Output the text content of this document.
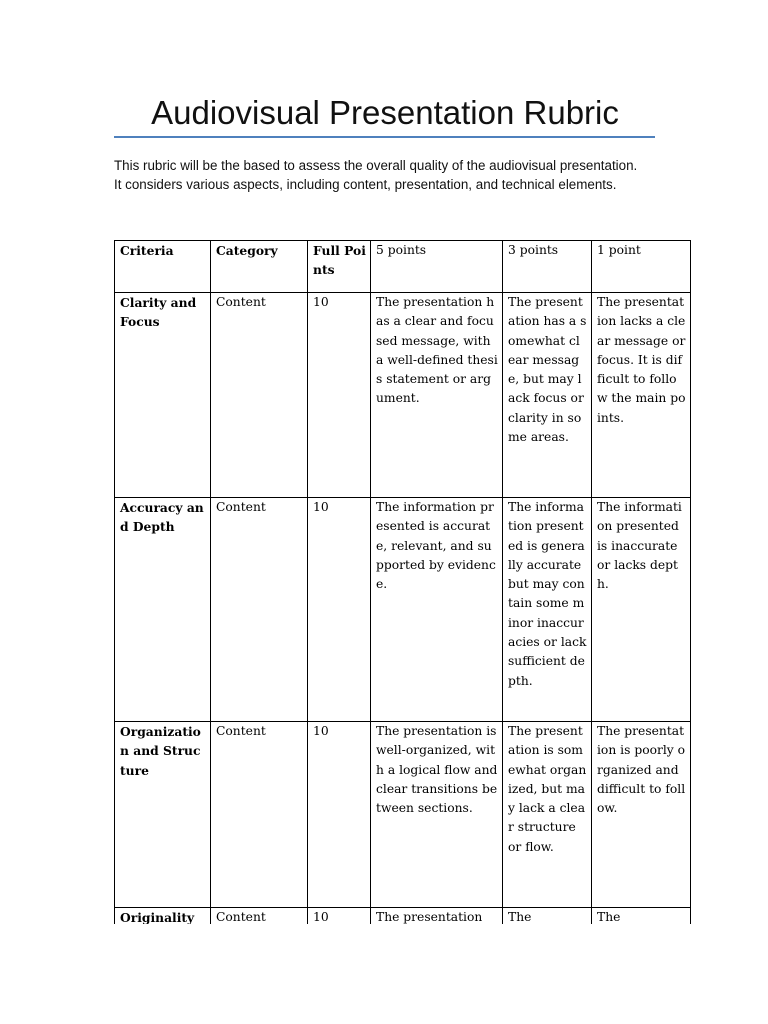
Audiovisual Presentation Rubric

This rubric will be the based to assess the overall quality of the audiovisual presentation.

It considers various aspects, including content, presentation, and technical elements.

Criteria	Category	Full Points	5 points	3 points	1 point
Clarity and Focus	Content	10	The presentation has a clear and focused message, with a well-defined thesis statement or argument.	The presentation has a somewhat clear message, but may lack focus or clarity in some areas.	The presentation lacks a clear message or focus. It is difficult to follow the main points.
Accuracy and Depth	Content	10	The information presented is accurate, relevant, and supported by evidence.	The information presented is generally accurate but may contain some minor inaccuracies or lack sufficient depth.	The information presented is inaccurate or lacks depth.
Organization and Structure	Content	10	The presentation is well-organized, with a logical flow and clear transitions between sections.	The presentation is somewhat organized, but may lack a clear structure or flow.	The presentation is poorly organized and difficult to follow.
Originality	Content	10	The presentation	The	The
